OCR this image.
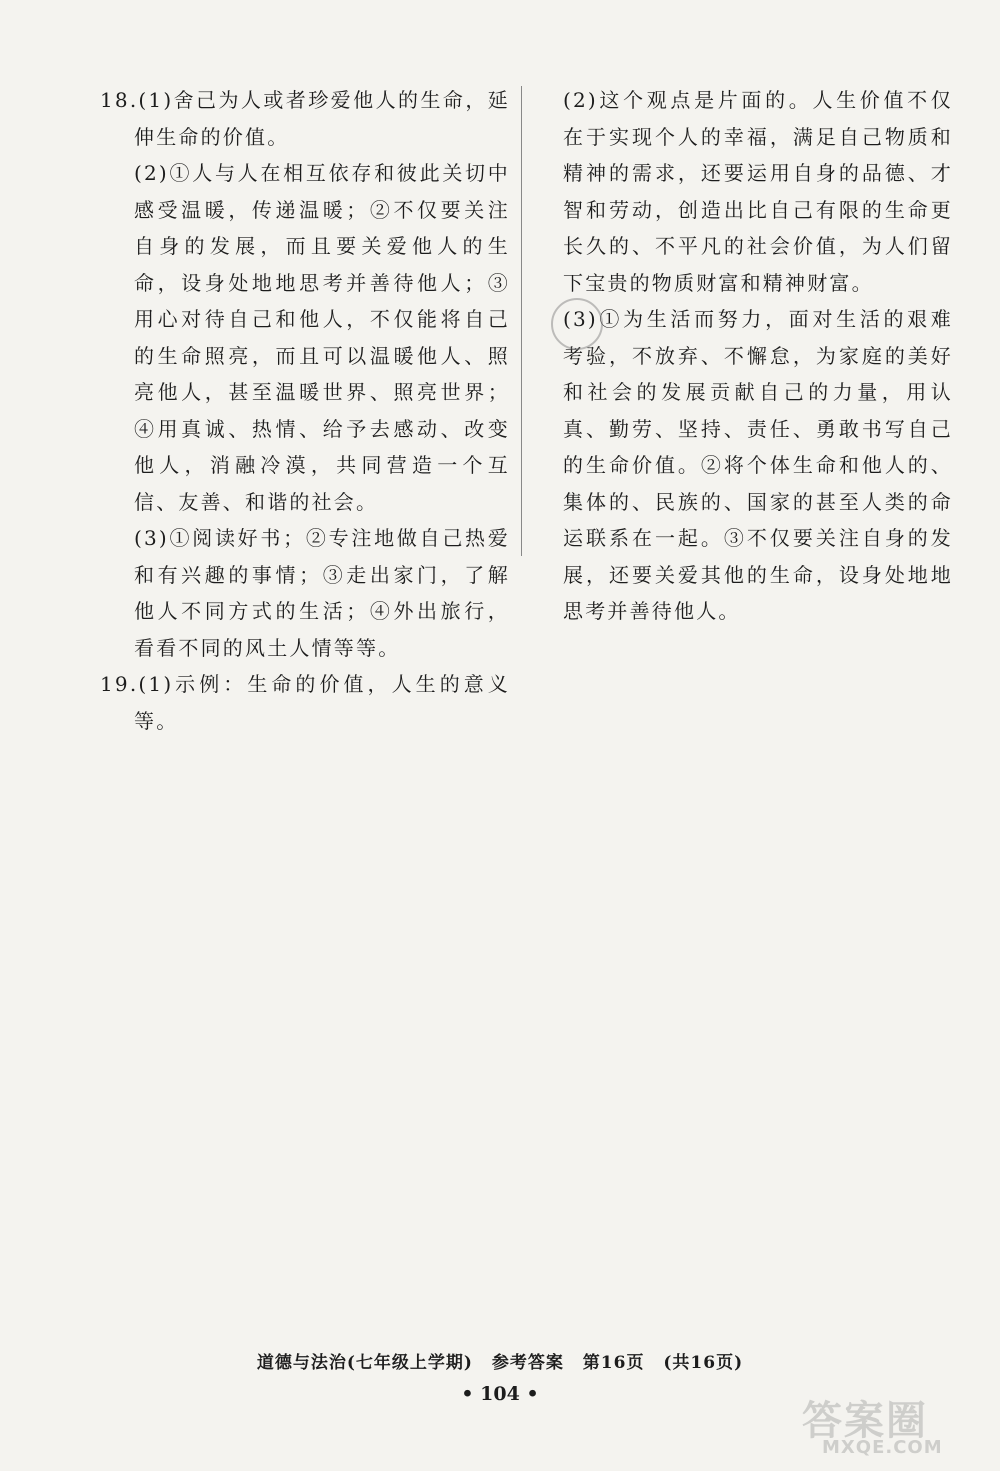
18.(1)舍己为人或者珍爱他人的生命，延伸生命的价值。

(2)①人与人在相互依存和彼此关切中感受温暖，传递温暖；②不仅要关注自身的发展，而且要关爱他人的生命，设身处地地思考并善待他人；③用心对待自己和他人，不仅能将自己的生命照亮，而且可以温暖他人、照亮他人，甚至温暖世界、照亮世界；④用真诚、热情、给予去感动、改变他人，消融冷漠，共同营造一个互信、友善、和谐的社会。

(3)①阅读好书；②专注地做自己热爱和有兴趣的事情；③走出家门，了解他人不同方式的生活；④外出旅行，看看不同的风土人情等等。

19.(1)示例：生命的价值，人生的意义等。

(2)这个观点是片面的。人生价值不仅在于实现个人的幸福，满足自己物质和精神的需求，还要运用自身的品德、才智和劳动，创造出比自己有限的生命更长久的、不平凡的社会价值，为人们留下宝贵的物质财富和精神财富。

(3)①为生活而努力，面对生活的艰难考验，不放弃、不懈怠，为家庭的美好和社会的发展贡献自己的力量，用认真、勤劳、坚持、责任、勇敢书写自己的生命价值。②将个体生命和他人的、集体的、民族的、国家的甚至人类的命运联系在一起。③不仅要关注自身的发展，还要关爱其他的生命，设身处地地思考并善待他人。

道德与法治(七年级上学期) 参考答案 第16页 (共16页)
• 104 •
答案圈
MXQE.COM
